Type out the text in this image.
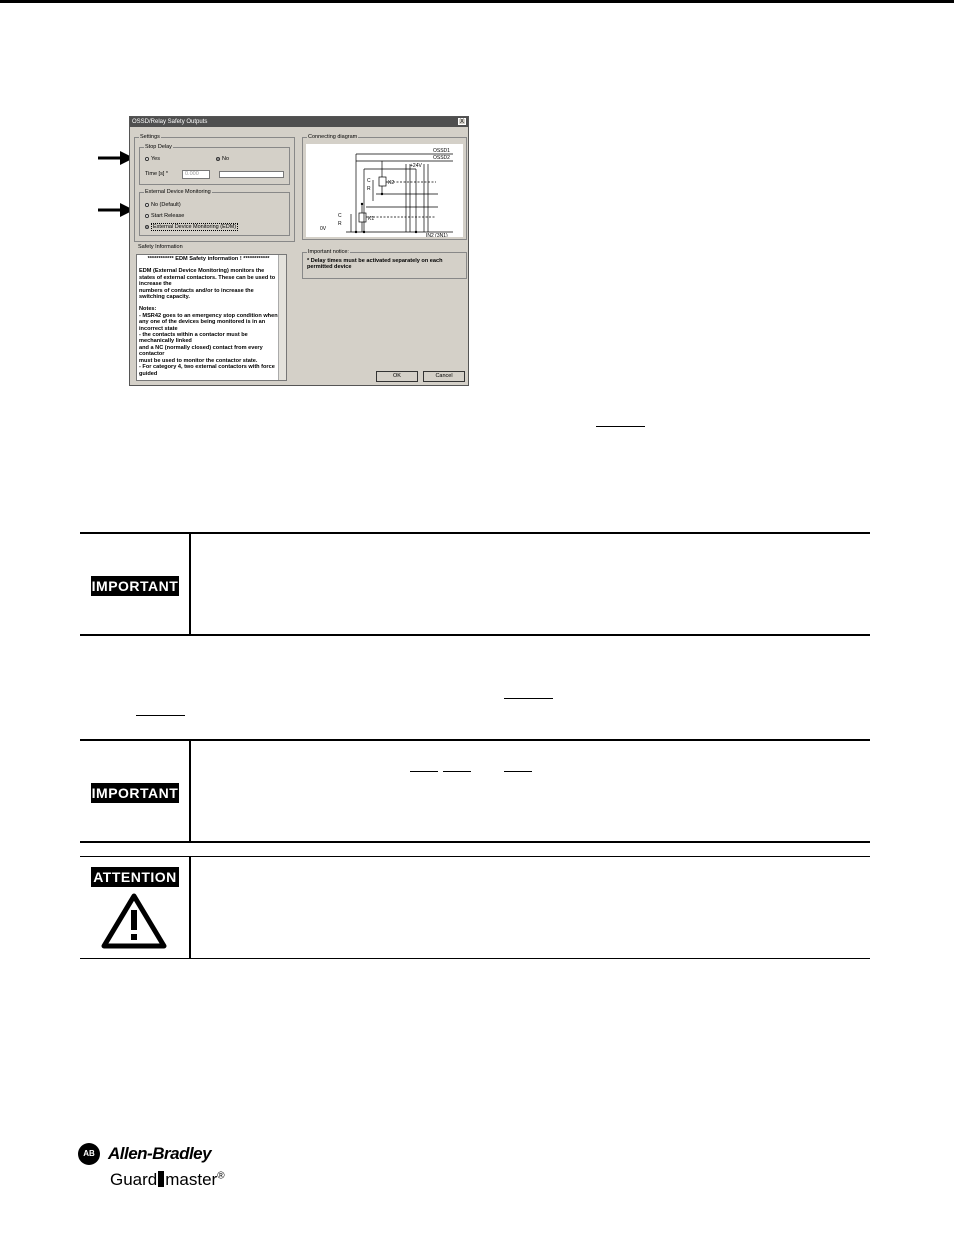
OSSD/Relay Safety Outputs	X
Settings
Stop Delay
Yes	No
Time [s] *	0.000
External Device Monitoring
No (Default)
Start Release
External Device Monitoring (EDM)
Connecting diagram
OSSD1
OSSD2
+24V
K2
C
R
K1
C
R
0V
IN2 (3N1)
Important notice:
* Delay times must be activated separately on each permitted device
Safety Information
************ EDM Safety information ! ************
EDM (External Device Monitoring) monitors the states of external contactors. These can be used to increase the
numbers of contacts and/or to increase the switching capacity.
Notes:
- MSR42 goes to an emergency stop condition when any one of the devices being monitored is in an incorrect state
- the contacts within a contactor must be mechanically linked
and a NC (normally closed) contact from every contactor
must be used to monitor the contactor state.
- For category 4, two external contactors with force guided	OK	Cancel
IMPORTANT
IMPORTANT
ATTENTION
AB Allen-Bradley
Guard master®
